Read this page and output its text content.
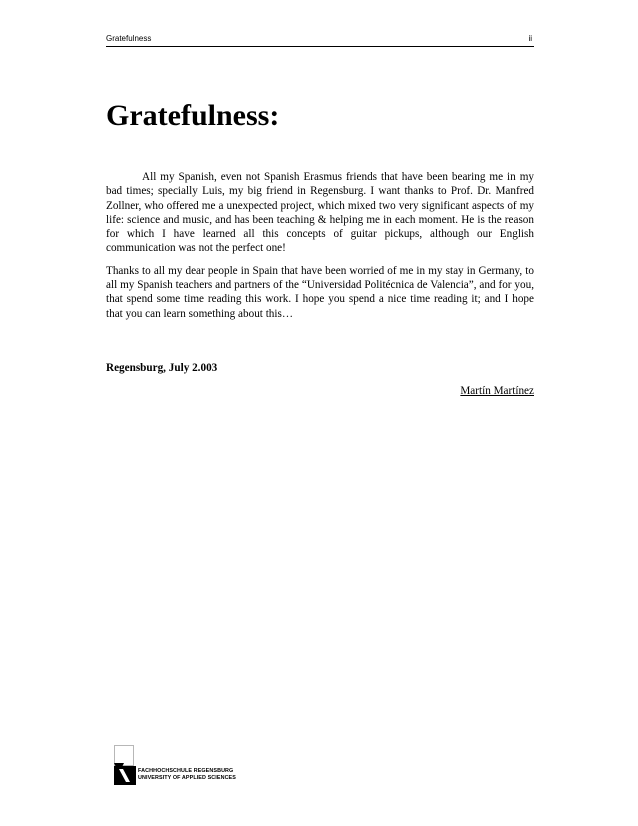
Gratefulness	ii
Gratefulness:

All my Spanish, even not Spanish Erasmus friends that have been bearing me in my bad times; specially Luis, my big friend in Regensburg. I want thanks to Prof. Dr. Manfred Zollner, who offered me a unexpected project, which mixed two very significant aspects of my life: science and music, and has been teaching & helping me in each moment. He is the reason for which I have learned all this concepts of guitar pickups, although our English communication was not the perfect one!

Thanks to all my dear people in Spain that have been worried of me in my stay in Germany, to all my Spanish teachers and partners of the “Universidad Politécnica de Valencia”, and for you, that spend some time reading this work. I hope you spend a nice time reading it; and I hope that you can learn something about this…

Regensburg, July 2.003
Martín Martínez
FACHHOCHSCHULE REGENSBURG
UNIVERSITY OF APPLIED SCIENCES
